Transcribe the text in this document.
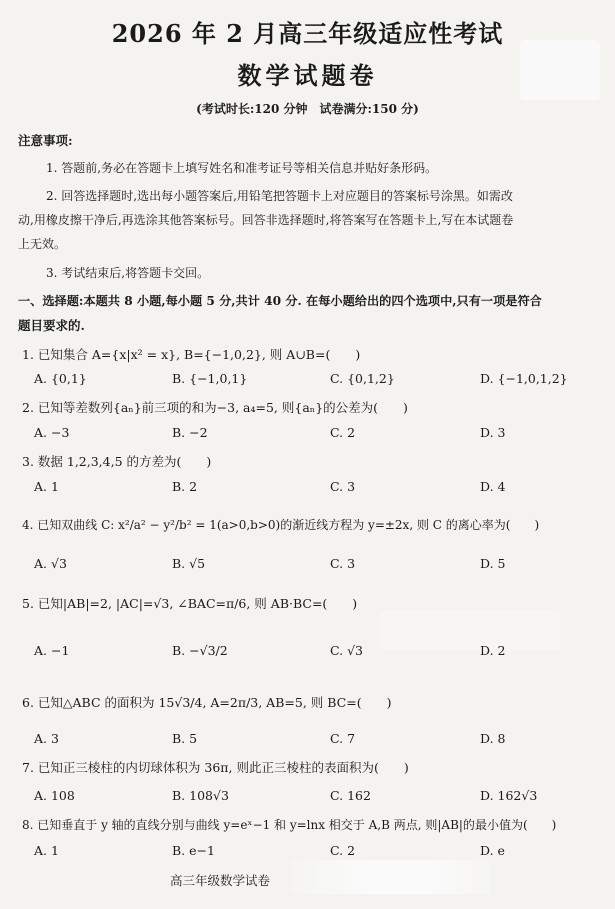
2026 年 2 月高三年级适应性考试
数学试题卷
(考试时长:120 分钟　试卷满分:150 分)
注意事项:
1. 答题前,务必在答题卡上填写姓名和准考证号等相关信息并贴好条形码。
2. 回答选择题时,选出每小题答案后,用铅笔把答题卡上对应题目的答案标号涂黑。如需改
动,用橡皮擦干净后,再选涂其他答案标号。回答非选择题时,将答案写在答题卡上,写在本试题卷
上无效。
3. 考试结束后,将答题卡交回。
一、选择题:本题共 8 小题,每小题 5 分,共计 40 分. 在每小题给出的四个选项中,只有一项是符合
题目要求的.
1. 已知集合 A={x|x² = x}, B={−1,0,2}, 则 A∪B=(　　)
A. {0,1}	B. {−1,0,1}	C. {0,1,2}	D. {−1,0,1,2}
2. 已知等差数列{aₙ}前三项的和为−3, a₄=5, 则{aₙ}的公差为(　　)
A. −3	B. −2	C. 2	D. 3
3. 数据 1,2,3,4,5 的方差为(　　)
A. 1	B. 2	C. 3	D. 4
4. 已知双曲线 C: x²/a² − y²/b² = 1(a>0,b>0)的渐近线方程为 y=±2x, 则 C 的离心率为(　　)
A. √3	B. √5	C. 3	D. 5
5. 已知|AB|=2, |AC|=√3, ∠BAC=π/6, 则 AB·BC=(　　)
A. −1	B. −√3/2	C. √3	D. 2
6. 已知△ABC 的面积为 15√3/4, A=2π/3, AB=5, 则 BC=(　　)
A. 3	B. 5	C. 7	D. 8
7. 已知正三棱柱的内切球体积为 36π, 则此正三棱柱的表面积为(　　)
A. 108	B. 108√3	C. 162	D. 162√3
8. 已知垂直于 y 轴的直线分别与曲线 y=eˣ−1 和 y=lnx 相交于 A,B 两点, 则|AB|的最小值为(　　)
A. 1	B. e−1	C. 2	D. e
高三年级数学试卷
